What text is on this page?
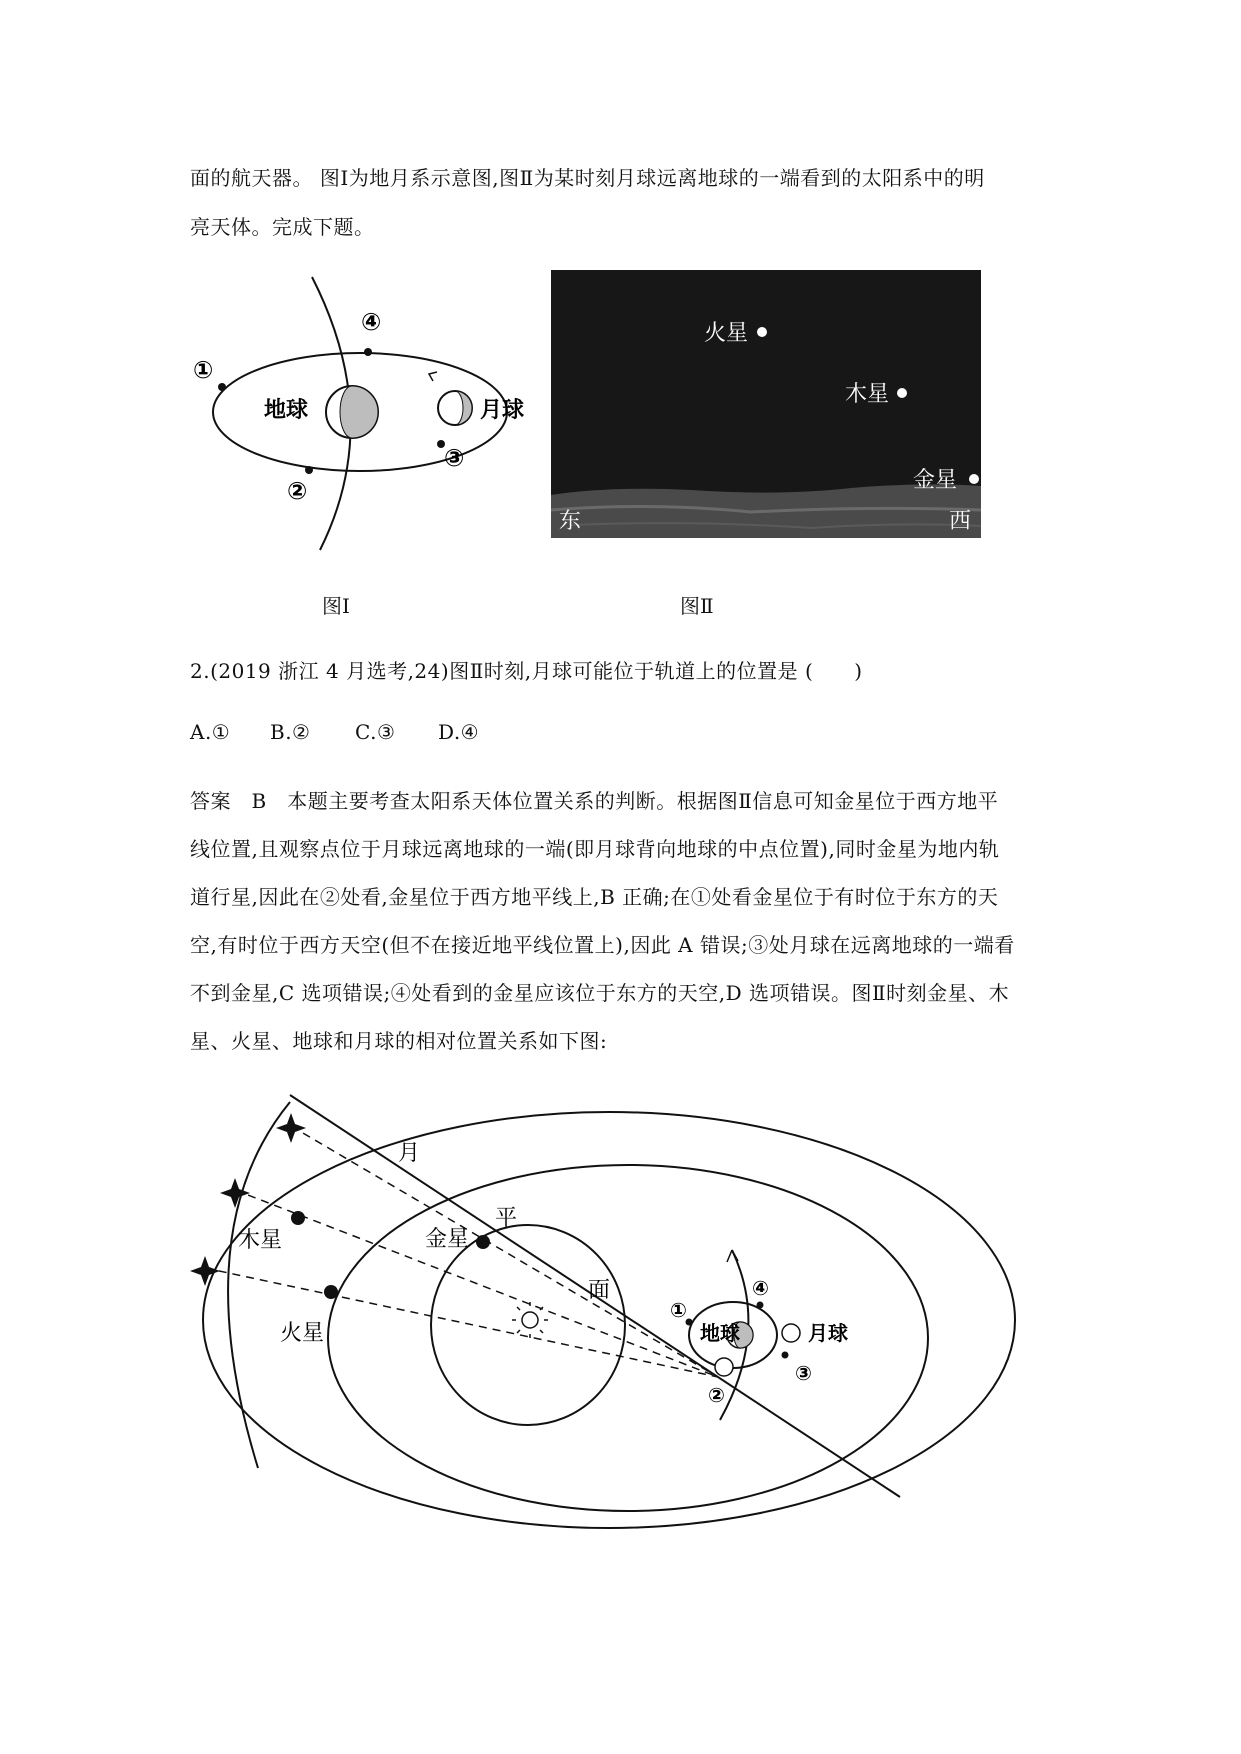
面的航天器。 图Ⅰ为地月系示意图,图Ⅱ为某时刻月球远离地球的一端看到的太阳系中的明
亮天体。完成下题。
①
②
③
④
地球	月球
图Ⅰ
火星
木星
金星
东	西
图Ⅱ
2.(2019 浙江 4 月选考,24)图Ⅱ时刻,月球可能位于轨道上的位置是 (　　)
A.① B.② C.③ D.④
答案　B　本题主要考查太阳系天体位置关系的判断。根据图Ⅱ信息可知金星位于西方地平
线位置,且观察点位于月球远离地球的一端(即月球背向地球的中点位置),同时金星为地内轨
道行星,因此在②处看,金星位于西方地平线上,B 正确;在①处看金星位于有时位于东方的天
空,有时位于西方天空(但不在接近地平线位置上),因此 A 错误;③处月球在远离地球的一端看
不到金星,C 选项错误;④处看到的金星应该位于东方的天空,D 选项错误。图Ⅱ时刻金星、木
星、火星、地球和月球的相对位置关系如下图:
月
平
面
木星	金星
火星	地球	月球
①
②
③
④
